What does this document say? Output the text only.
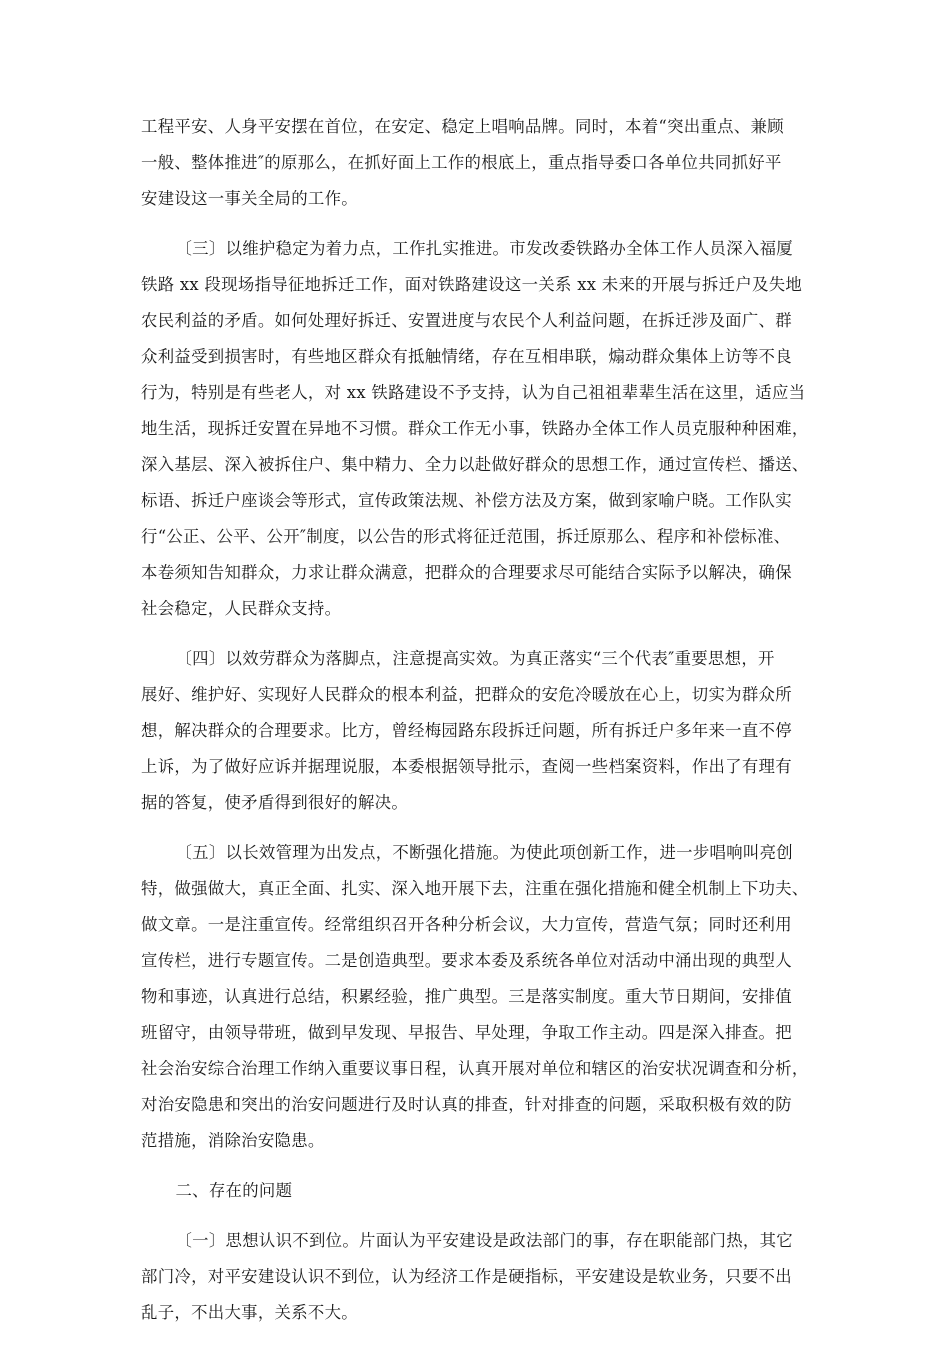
工程平安、人身平安摆在首位，在安定、稳定上唱响品牌。同时，本着“突出重点、兼顾
一般、整体推进″的原那么，在抓好面上工作的根底上，重点指导委口各单位共同抓好平
安建设这一事关全局的工作。
〔三〕以维护稳定为着力点，工作扎实推进。市发改委铁路办全体工作人员深入福厦
铁路 xx 段现场指导征地拆迁工作，面对铁路建设这一关系 xx 未来的开展与拆迁户及失地
农民利益的矛盾。如何处理好拆迁、安置进度与农民个人利益问题，在拆迁涉及面广、群
众利益受到损害时，有些地区群众有抵触情绪，存在互相串联，煽动群众集体上访等不良
行为，特别是有些老人，对 xx 铁路建设不予支持，认为自己祖祖辈辈生活在这里，适应当
地生活，现拆迁安置在异地不习惯。群众工作无小事，铁路办全体工作人员克服种种困难，
深入基层、深入被拆住户、集中精力、全力以赴做好群众的思想工作，通过宣传栏、播送、
标语、拆迁户座谈会等形式，宣传政策法规、补偿方法及方案，做到家喻户晓。工作队实
行“公正、公平、公开″制度，以公告的形式将征迁范围，拆迁原那么、程序和补偿标准、
本卷须知告知群众，力求让群众满意，把群众的合理要求尽可能结合实际予以解决，确保
社会稳定，人民群众支持。
〔四〕以效劳群众为落脚点，注意提高实效。为真正落实“三个代表″重要思想，开
展好、维护好、实现好人民群众的根本利益，把群众的安危冷暖放在心上，切实为群众所
想，解决群众的合理要求。比方，曾经梅园路东段拆迁问题，所有拆迁户多年来一直不停
上诉，为了做好应诉并据理说服，本委根据领导批示，查阅一些档案资料，作出了有理有
据的答复，使矛盾得到很好的解决。
〔五〕以长效管理为出发点，不断强化措施。为使此项创新工作，进一步唱响叫亮创
特，做强做大，真正全面、扎实、深入地开展下去，注重在强化措施和健全机制上下功夫、
做文章。一是注重宣传。经常组织召开各种分析会议，大力宣传，营造气氛；同时还利用
宣传栏，进行专题宣传。二是创造典型。要求本委及系统各单位对活动中涌出现的典型人
物和事迹，认真进行总结，积累经验，推广典型。三是落实制度。重大节日期间，安排值
班留守，由领导带班，做到早发现、早报告、早处理，争取工作主动。四是深入排查。把
社会治安综合治理工作纳入重要议事日程，认真开展对单位和辖区的治安状况调查和分析，
对治安隐患和突出的治安问题进行及时认真的排查，针对排查的问题，采取积极有效的防
范措施，消除治安隐患。
二、存在的问题
〔一〕思想认识不到位。片面认为平安建设是政法部门的事，存在职能部门热，其它
部门冷，对平安建设认识不到位，认为经济工作是硬指标，平安建设是软业务，只要不出
乱子，不出大事，关系不大。
